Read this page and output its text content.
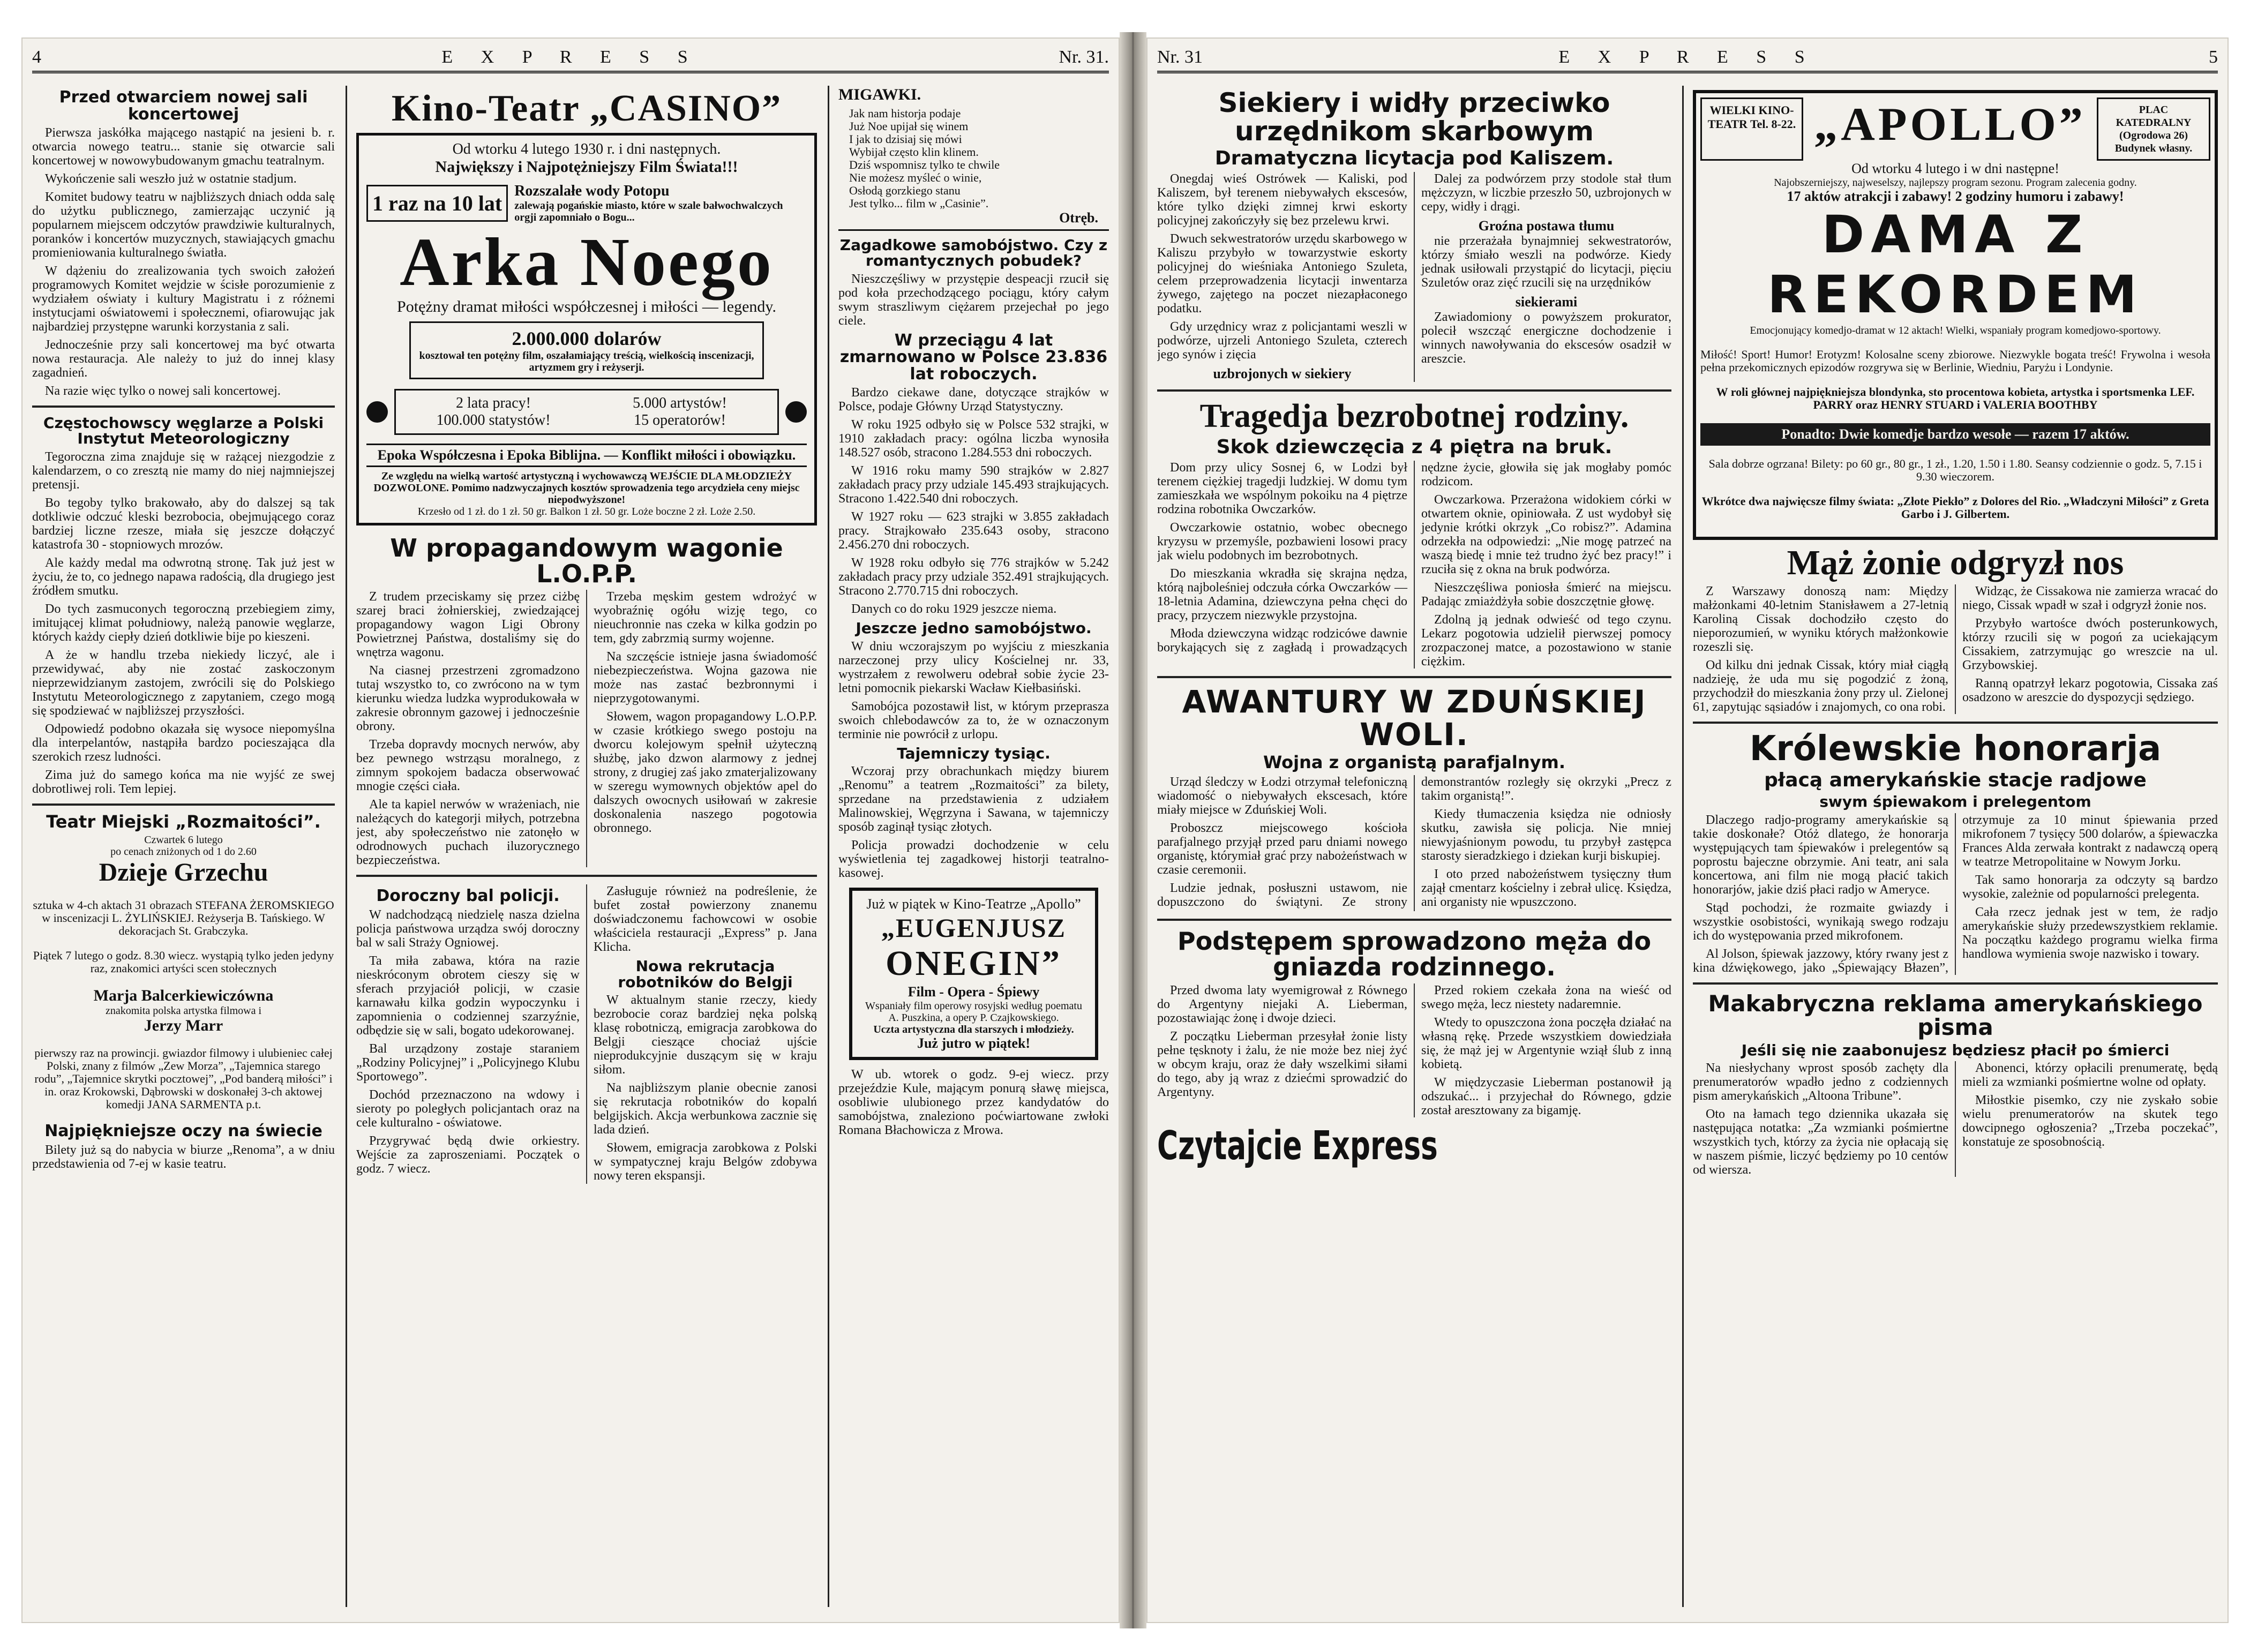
4	E X P R E S S	Nr. 31.
Przed otwarciem nowej sali koncertowej

Pierwsza jaskółka mającego nastąpić na jesieni b. r. otwarcia nowego teatru... stanie się otwarcie sali koncertowej w nowowybudowanym gmachu teatralnym.

Wykończenie sali weszło już w ostatnie stadjum.

Komitet budowy teatru w najbliższych dniach odda salę do użytku publicznego, zamierzając uczynić ją popularnem miejscem odczytów prawdziwie kulturalnych, poranków i koncertów muzycznych, stawiających gmachu promieniowania kulturalnego światła.

W dążeniu do zrealizowania tych swoich założeń programowych Komitet wejdzie w ścisłe porozumienie z wydziałem oświaty i kultury Magistratu i z różnemi instytucjami oświatowemi i społecznemi, ofiarowując jak najbardziej przystępne warunki korzystania z sali.

Jednocześnie przy sali koncertowej ma być otwarta nowa restauracja. Ale należy to już do innej klasy zagadnień.

Na razie więc tylko o nowej sali koncertowej.

Częstochowscy węglarze a Polski Instytut Meteorologiczny

Tegoroczna zima znajduje się w rażącej niezgodzie z kalendarzem, o co zresztą nie mamy do niej najmniejszej pretensji.

Bo tegoby tylko brakowało, aby do dalszej są tak dotkliwie odczuć kleski bezrobocia, obejmującego coraz bardziej liczne rzesze, miała się jeszcze dołączyć katastrofa 30 - stopniowych mrozów.

Ale każdy medal ma odwrotną stronę. Tak już jest w życiu, że to, co jednego napawa radością, dla drugiego jest źródłem smutku.

Do tych zasmuconych tegoroczną przebiegiem zimy, imitującej klimat południowy, należą panowie węglarze, których każdy ciepły dzień dotkliwie bije po kieszeni.

A że w handlu trzeba niekiedy liczyć, ale i przewidywać, aby nie zostać zaskoczonym nieprzewidzianym zastojem, zwrócili się do Polskiego Instytutu Meteorologicznego z zapytaniem, czego mogą się spodziewać w najbliższej przyszłości.

Odpowiedź podobno okazała się wysoce niepomyślna dla interpelantów, nastąpiła bardzo pocieszająca dla szerokich rzesz ludności.

Zima już do samego końca ma nie wyjść ze swej dobrotliwej roli. Tem lepiej.

Teatr Miejski „Rozmaitości”.
Czwartek 6 lutego
po cenach zniżonych od 1 do 2.60
Dzieje Grzechu

sztuka w 4-ch aktach 31 obrazach STEFANA ŻEROMSKIEGO w inscenizacji L. ŻYLIŃSKIEJ. Reżyserja B. Tańskiego. W dekoracjach St. Grabczyka.

Piątek 7 lutego o godz. 8.30 wiecz. wystąpią tylko jeden jedyny raz, znakomici artyści scen stołecznych

Marja Balcerkiewiczówna
znakomita polska artystka filmowa i
Jerzy Marr

pierwszy raz na prowincji. gwiazdor filmowy i ulubieniec całej Polski, znany z filmów „Zew Morza”, „Tajemnica starego rodu”, „Tajemnice skrytki pocztowej”, „Pod banderą miłości” i in. oraz Krokowski, Dąbrowski w doskonałej 3-ch aktowej komedji JANA SARMENTA p.t.

Najpiękniejsze oczy na świecie

Bilety już są do nabycia w biurze „Renoma”, a w dniu przedstawienia od 7-ej w kasie teatru.

Kino-Teatr „CASINO”
Od wtorku 4 lutego 1930 r. i dni następnych.
Największy i Najpotężniejszy Film Świata!!!
1 raz na 10 lat Rozszalałe wody Potopu
zalewają pogańskie miasto, które w szale bałwochwalczych orgji zapomniało o Bogu...
Arka Noego
Potężny dramat miłości współczesnej i miłości — legendy.
2.000.000 dolarów
kosztował ten potężny film, oszałamiający treścią, wielkością inscenizacji, artyzmem gry i reżyserji.
2 lata pracy!	5.000 artystów!
100.000 statystów!	15 operatorów!
Epoka Współczesna i Epoka Biblijna. — Konflikt miłości i obowiązku.
Ze względu na wielką wartość artystyczną i wychowawczą WEJŚCIE DLA MŁODZIEŻY DOZWOLONE. Pomimo nadzwyczajnych kosztów sprowadzenia tego arcydzieła ceny miejsc niepodwyższone!
Krzesło od 1 zł. do 1 zł. 50 gr. Balkon 1 zł. 50 gr. Loże boczne 2 zł. Loże 2.50.
W propagandowym wagonie L.O.P.P.

Z trudem przeciskamy się przez ciżbę szarej braci żołnierskiej, zwiedzającej propagandowy wagon Ligi Obrony Powietrznej Państwa, dostaliśmy się do wnętrza wagonu.

Na ciasnej przestrzeni zgromadzono tutaj wszystko to, co zwrócono na w tym kierunku wiedza ludzka wyprodukowała w zakresie obronnym gazowej i jednocześnie obrony.

Trzeba dopravdy mocnych nerwów, aby bez pewnego wstrząsu moralnego, z zimnym spokojem badacza obserwować mnogie części ciała.

Ale ta kapiel nerwów w wrażeniach, nie należących do kategorji miłych, potrzebna jest, aby społeczeństwo nie zatonęło w odrodnowych puchach iluzorycznego bezpieczeństwa.

Trzeba męskim gestem wdrożyć w wyobraźnię ogółu wizję tego, co nieuchronnie nas czeka w kilka godzin po tem, gdy zabrzmią surmy wojenne.

Na szczęście istnieje jasna świadomość niebezpieczeństwa. Wojna gazowa nie może nas zastać bezbronnymi i nieprzygotowanymi.

Słowem, wagon propagandowy L.O.P.P. w czasie krótkiego swego postoju na dworcu kolejowym spełnił użyteczną służbę, jako dzwon alarmowy z jednej strony, z drugiej zaś jako zmaterjalizowany w szeregu wymownych objektów apel do dalszych owocnych usiłowań w zakresie doskonalenia naszego pogotowia obronnego.

Doroczny bal policji.

W nadchodzącą niedzielę nasza dzielna policja państwowa urządza swój doroczny bal w sali Straży Ogniowej.

Ta miła zabawa, która na razie nieskróconym obrotem cieszy się w sferach przyjaciół policji, w czasie karnawału kilka godzin wypoczynku i zapomnienia o codziennej szarzyźnie, odbędzie się w sali, bogato udekorowanej.

Bal urządzony zostaje staraniem „Rodziny Policyjnej” i „Policyjnego Klubu Sportowego”.

Dochód przeznaczono na wdowy i sieroty po poległych policjantach oraz na cele kulturalno - oświatowe.

Przygrywać będą dwie orkiestry. Wejście za zaproszeniami. Początek o godz. 7 wiecz.

Zasługuje również na podreślenie, że bufet został powierzony znanemu doświadczonemu fachowcowi w osobie właściciela restauracji „Express” p. Jana Klicha.

Nowa rekrutacja robotników do Belgji

W aktualnym stanie rzeczy, kiedy bezrobocie coraz bardziej nęka polską klasę robotniczą, emigracja zarobkowa do Belgji cieszące chociaż ujście nieprodukcyjnie duszącym się w kraju siłom.

Na najbliższym planie obecnie zanosi się rekrutacja robotników do kopalń belgijskich. Akcja werbunkowa zacznie się lada dzień.

Słowem, emigracja zarobkowa z Polski w sympatycznej kraju Belgów zdobywa nowy teren ekspansji.

MIGAWKI.

Jak nam historja podaje
Już Noe upijał się winem
I jak to dzisiaj się mówi
Wybijał często klin klinem.
Dziś wspomnisz tylko te chwile
Nie możesz myśleć o winie,
Osłodą gorzkiego stanu
Jest tylko... film w „Casinie”.

Otręb.
Zagadkowe samobójstwo. Czy z romantycznych pobudek?

Nieszczęśliwy w przystępie despeacji rzucił się pod koła przechodzącego pociągu, który całym swym straszliwym ciężarem przejechał po jego ciele.

W przeciągu 4 lat zmarnowano w Polsce 23.836 lat roboczych.

Bardzo ciekawe dane, dotyczące strajków w Polsce, podaje Główny Urząd Statystyczny.

W roku 1925 odbyło się w Polsce 532 strajki, w 1910 zakładach pracy: ogólna liczba wynosiła 148.527 osób, stracono 1.284.553 dni roboczych.

W 1916 roku mamy 590 strajków w 2.827 zakładach pracy przy udziale 145.493 strajkujących. Stracono 1.422.540 dni roboczych.

W 1927 roku — 623 strajki w 3.855 zakładach pracy. Strajkowało 235.643 osoby, stracono 2.456.270 dni roboczych.

W 1928 roku odbyło się 776 strajków w 5.242 zakładach pracy przy udziale 352.491 strajkujących. Stracono 2.770.715 dni roboczych.

Danych co do roku 1929 jeszcze niema.

Jeszcze jedno samobójstwo.

W dniu wczorajszym po wyjściu z mieszkania narzeczonej przy ulicy Kościelnej nr. 33, wystrzałem z rewolweru odebrał sobie życie 23-letni pomocnik piekarski Wacław Kiełbasiński.

Samobójca pozostawił list, w którym przeprasza swoich chlebodawców za to, że w oznaczonym terminie nie powrócił z urlopu.

Tajemniczy tysiąc.

Wczoraj przy obrachunkach między biurem „Renomu” a teatrem „Rozmaitości” za bilety, sprzedane na przedstawienia z udziałem Malinowskiej, Węgrzyna i Sawana, w tajemniczy sposób zaginął tysiąc złotych.

Policja prowadzi dochodzenie w celu wyświetlenia tej zagadkowej historji teatralno-kasowej.

Już w piątek w Kino-Teatrze „Apollo”
„EUGENJUSZ
ONEGIN”
Film - Opera - Śpiewy
Wspaniały film operowy rosyjski według poematu A. Puszkina, a opery P. Czajkowskiego.
Uczta artystyczna dla starszych i młodzieży.
Już jutro w piątek!

W ub. wtorek o godz. 9-ej wiecz. przy przejeździe Kule, mającym ponurą sławę miejsca, osobliwie ulubionego przez kandydatów do samobójstwa, znaleziono poćwiartowane zwłoki Romana Błachowicza z Mrowa.

Nr. 31	E X P R E S S	5
Siekiery i widły przeciwko urzędnikom skarbowym
Dramatyczna licytacja pod Kaliszem.

Onegdaj wieś Ostrówek — Kaliski, pod Kaliszem, był terenem niebywałych ekscesów, które tylko dzięki zimnej krwi eskorty policyjnej zakończyły się bez przelewu krwi.

Dwuch sekwestratorów urzędu skarbowego w Kaliszu przybyło w towarzystwie eskorty policyjnej do wieśniaka Antoniego Szuleta, celem przeprowadzenia licytacji inwentarza żywego, zajętego na poczet niezapłaconego podatku.

Gdy urzędnicy wraz z policjantami weszli w podwórze, ujrzeli Antoniego Szuleta, czterech jego synów i zięcia

uzbrojonych w siekiery

Dalej za podwórzem przy stodole stał tłum mężczyzn, w liczbie przeszło 50, uzbrojonych w cepy, widły i drągi.

Groźna postawa tłumu

nie przerażała bynajmniej sekwestratorów, którzy śmiało weszli na podwórze. Kiedy jednak usiłowali przystąpić do licytacji, pięciu Szuletów oraz zięć rzucili się na urzędników

siekierami

Zawiadomiony o powyższem prokurator, polecił wszcząć energiczne dochodzenie i winnych nawoływania do ekscesów osadził w areszcie.

Tragedja bezrobotnej rodziny.
Skok dziewczęcia z 4 piętra na bruk.

Dom przy ulicy Sosnej 6, w Lodzi był terenem ciężkiej tragedji ludzkiej. W domu tym zamieszkała we wspólnym pokoiku na 4 piętrze rodzina robotnika Owczarków.

Owczarkowie ostatnio, wobec obecnego kryzysu w przemyśle, pozbawieni losowi pracy jak wielu podobnych im bezrobotnych.

Do mieszkania wkradła się skrajna nędza, którą najboleśniej odczuła córka Owczarków — 18-letnia Adamina, dziewczyna pełna chęci do pracy, przyczem niezwykle przystojna.

Młoda dziewczyna widząc rodzicówe dawnie borykających się z zagładą i prowadzących nędzne życie, głowiła się jak mogłaby pomóc rodzicom.

Owczarkowa. Przerażona widokiem córki w otwartem oknie, opiniowała. Z ust wydobył się jedynie krótki okrzyk „Co robisz?”. Adamina odrzekła na odpowiedzi: „Nie mogę patrzeć na waszą biedę i mnie też trudno żyć bez pracy!” i rzuciła się z okna na bruk podwórza.

Nieszczęśliwa poniosła śmierć na miejscu. Padając zmiażdżyła sobie doszczętnie głowę.

Zdolną ją jednak odwieść od tego czynu. Lekarz pogotowia udzielił pierwszej pomocy zrozpaczonej matce, a pozostawiono w stanie ciężkim.

AWANTURY W ZDUŃSKIEJ WOLI.
Wojna z organistą parafjalnym.

Urząd śledczy w Łodzi otrzymał telefoniczną wiadomość o niebywałych ekscesach, które miały miejsce w Zduńskiej Woli.

Proboszcz miejscowego kościoła parafjalnego przyjął przed paru dniami nowego organistę, którymiał grać przy nabożeństwach w czasie ceremonii.

Ludzie jednak, posłuszni ustawom, nie dopuszczono do świątyni. Ze strony demonstrantów rozległy się okrzyki „Precz z takim organistą!”.

Kiedy tłumaczenia księdza nie odniosły skutku, zawisła się policja. Nie mniej niewyjaśnionym powodu, tu przybył zastępca starosty sieradzkiego i dziekan kurji biskupiej.

I oto przed nabożeństwem tysięczny tłum zajął cmentarz kościelny i zebrał ulicę. Księdza, ani organisty nie wpuszczono.

Podstępem sprowadzono męża do gniazda rodzinnego.

Przed dwoma laty wyemigrował z Równego do Argentyny niejaki A. Lieberman, pozostawiając żonę i dwoje dzieci.

Z początku Lieberman przesyłał żonie listy pełne tęsknoty i żalu, że nie może bez niej żyć w obcym kraju, oraz że dały wszelkimi siłami do tego, aby ją wraz z dziećmi sprowadzić do Argentyny.

Przed rokiem czekała żona na wieść od swego męża, lecz niestety nadaremnie.

Wtedy to opuszczona żona poczęła działać na własną rękę. Przede wszystkiem dowiedziała się, że mąż jej w Argentynie wziął ślub z inną kobietą.

W międzyczasie Lieberman postanowił ją odszukać... i przyjechał do Równego, gdzie został aresztowany za bigamję.

Czytajcie Express
WIELKI KINO-TEATR Tel. 8-22. „APOLLO”	PLAC KATEDRALNY (Ogrodowa 26) Budynek własny.
Od wtorku 4 lutego i w dni następne!
Najobszerniejszy, najweselszy, najlepszy program sezonu. Program zalecenia godny.
17 aktów atrakcji i zabawy! 2 godziny humoru i zabawy!
DAMA Z REKORDEM
Emocjonujący komedjo-dramat w 12 aktach! Wielki, wspaniały program komedjowo-sportowy.

Miłość! Sport! Humor! Erotyzm! Kolosalne sceny zbiorowe. Niezwykle bogata treść! Frywolna i wesoła pełna przekomicznych epizodów rozgrywa się w Berlinie, Wiedniu, Paryżu i Londynie.

W roli głównej najpiękniejsza blondynka, sto procentowa kobieta, artystka i sportsmenka LEF. PARRY oraz HENRY STUARD i VALERIA BOOTHBY

Ponadto: Dwie komedje bardzo wesołe — razem 17 aktów.

Sala dobrze ogrzana! Bilety: po 60 gr., 80 gr., 1 zł., 1.20, 1.50 i 1.80. Seansy codziennie o godz. 5, 7.15 i 9.30 wieczorem.

Wkrótce dwa najwięcsze filmy świata: „Złote Piekło” z Dolores del Rio. „Władczyni Miłości” z Greta Garbo i J. Gilbertem.

Mąż żonie odgryzł nos

Z Warszawy donoszą nam: Między małżonkami 40-letnim Stanisławem a 27-letnią Karoliną Cissak dochodziło często do nieporozumień, w wyniku których małżonkowie rozeszli się.

Od kilku dni jednak Cissak, który miał ciągłą nadzieję, że uda mu się pogodzić z żoną, przychodził do mieszkania żony przy ul. Zielonej 61, zapytując sąsiadów i znajomych, co ona robi.

Widząc, że Cissakowa nie zamierza wracać do niego, Cissak wpadł w szał i odgryzł żonie nos.

Przybyło wartośce dwóch posterunkowych, którzy rzucili się w pogoń za uciekającym Cissakiem, zatrzymując go wreszcie na ul. Grzybowskiej.

Ranną opatrzył lekarz pogotowia, Cissaka zaś osadzono w areszcie do dyspozycji sędziego.

Królewskie honorarja
płacą amerykańskie stacje radjowe
swym śpiewakom i prelegentom

Dlaczego radjo-programy amerykańskie są takie doskonałe? Otóż dlatego, że honorarja występujących tam śpiewaków i prelegentów są poprostu bajeczne obrzymie. Ani teatr, ani sala koncertowa, ani film nie mogą płacić takich honorarjów, jakie dziś płaci radjo w Ameryce.

Stąd pochodzi, że rozmaite gwiazdy i wszystkie osobistości, wynikają swego rodzaju ich do występowania przed mikrofonem.

Al Jolson, śpiewak jazzowy, który rwany jest z kina dźwiękowego, jako „Śpiewający Błazen”, otrzymuje za 10 minut śpiewania przed mikrofonem 7 tysięcy 500 dolarów, a śpiewaczka Frances Alda zerwała kontrakt z nadawczą operą w teatrze Metropolitaine w Nowym Jorku.

Tak samo honorarja za odczyty są bardzo wysokie, zależnie od popularności prelegenta.

Cała rzecz jednak jest w tem, że radjo amerykańskie służy przedewszystkiem reklamie. Na początku każdego programu wielka firma handlowa wymienia swoje nazwisko i towary.

Makabryczna reklama amerykańskiego pisma
Jeśli się nie zaabonujesz będziesz płacił po śmierci

Na niesłychany wprost sposób zachęty dla prenumeratorów wpadło jedno z codziennych pism amerykańskich „Altoona Tribune”.

Oto na łamach tego dziennika ukazała się następująca notatka: „Za wzmianki pośmiertne wszystkich tych, którzy za życia nie opłacają się w naszem piśmie, liczyć będziemy po 10 centów od wiersza.

Abonenci, którzy opłacili prenumeratę, będą mieli za wzmianki pośmiertne wolne od opłaty.

Miłostkie pisemko, czy nie zyskało sobie wielu prenumeratorów na skutek tego dowcipnego ogłoszenia? „Trzeba poczekać”, konstatuje ze sposobnością.
